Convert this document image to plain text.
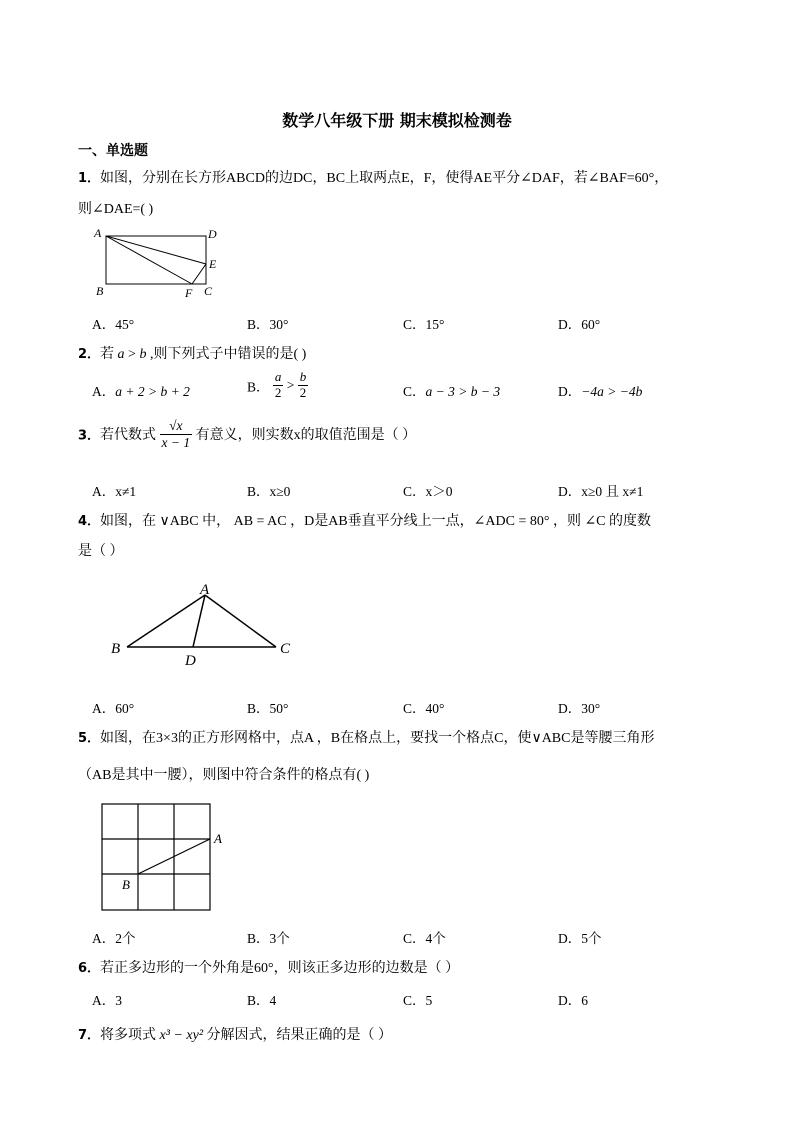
数学八年级下册 期末模拟检测卷
一、单选题
1．如图，分别在长方形ABCD的边DC，BC上取两点E，F，使得AE平分∠DAF，若∠BAF=60°，
则∠DAE=( )
A	D
E
B	F C
A．45°	B．30°	C．15°	D．60°
2．若 a > b ,则下列式子中错误的是( )
A．a + 2 > b + 2	B． $\frac{a}{2} > \frac{b}{2}$	C．a − 3 > b − 3	D．−4a > −4b
3．若代数式 $\frac{√x}{x - 1}$ 有意义，则实数x的取值范围是（ ）
A．x≠1	B．x≥0	C．x＞0	D．x≥0 且 x≠1
4．如图，在 ∨ABC 中， AB = AC ，D是AB垂直平分线上一点，∠ADC = 80° ，则 ∠C 的度数
是（ ）
A
B
D
C
A．60°	B．50°	C．40°	D．30°
5．如图，在3×3的正方形网格中，点A ，B在格点上，要找一个格点C，使∨ABC是等腰三角形
（AB是其中一腰），则图中符合条件的格点有( )
A
B
A．2个	B．3个	C．4个	D．5个
6．若正多边形的一个外角是60°，则该正多边形的边数是（ ）
A．3	B．4	C．5	D．6
7．将多项式 x³ − xy² 分解因式，结果正确的是（ ）
